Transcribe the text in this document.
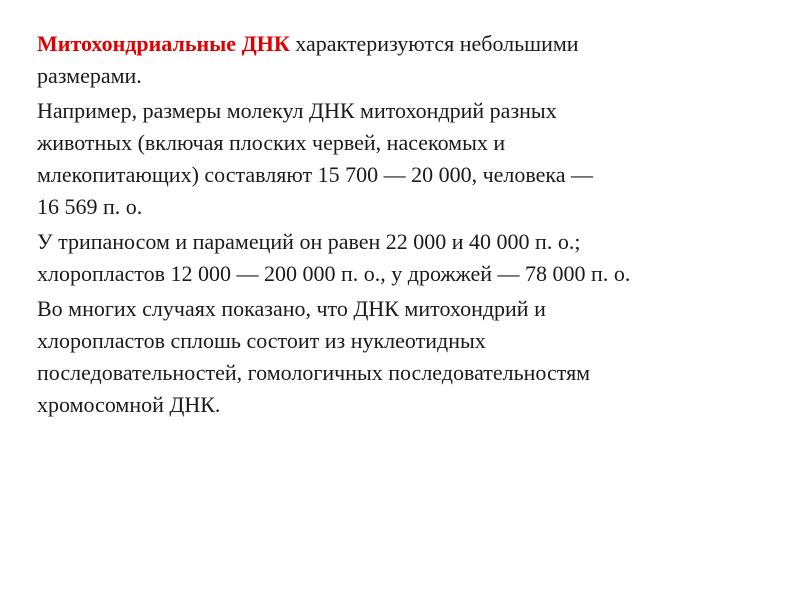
Митохондриальные ДНК характеризуются небольшими
размерами.
Например, размеры молекул ДНК митохондрий разных
животных (включая плоских червей, насекомых и
млекопитающих) составляют 15 700 — 20 000, человека —
16 569 п. о.
У трипаносом и парамеций он равен 22 000 и 40 000 п. о.;
хлоропластов 12 000 — 200 000 п. о., у дрожжей — 78 000 п. о.
Во многих случаях показано, что ДНК митохондрий и
хлоропластов сплошь состоит из нуклеотидных
последовательностей, гомологичных последовательностям
хромосомной ДНК.
